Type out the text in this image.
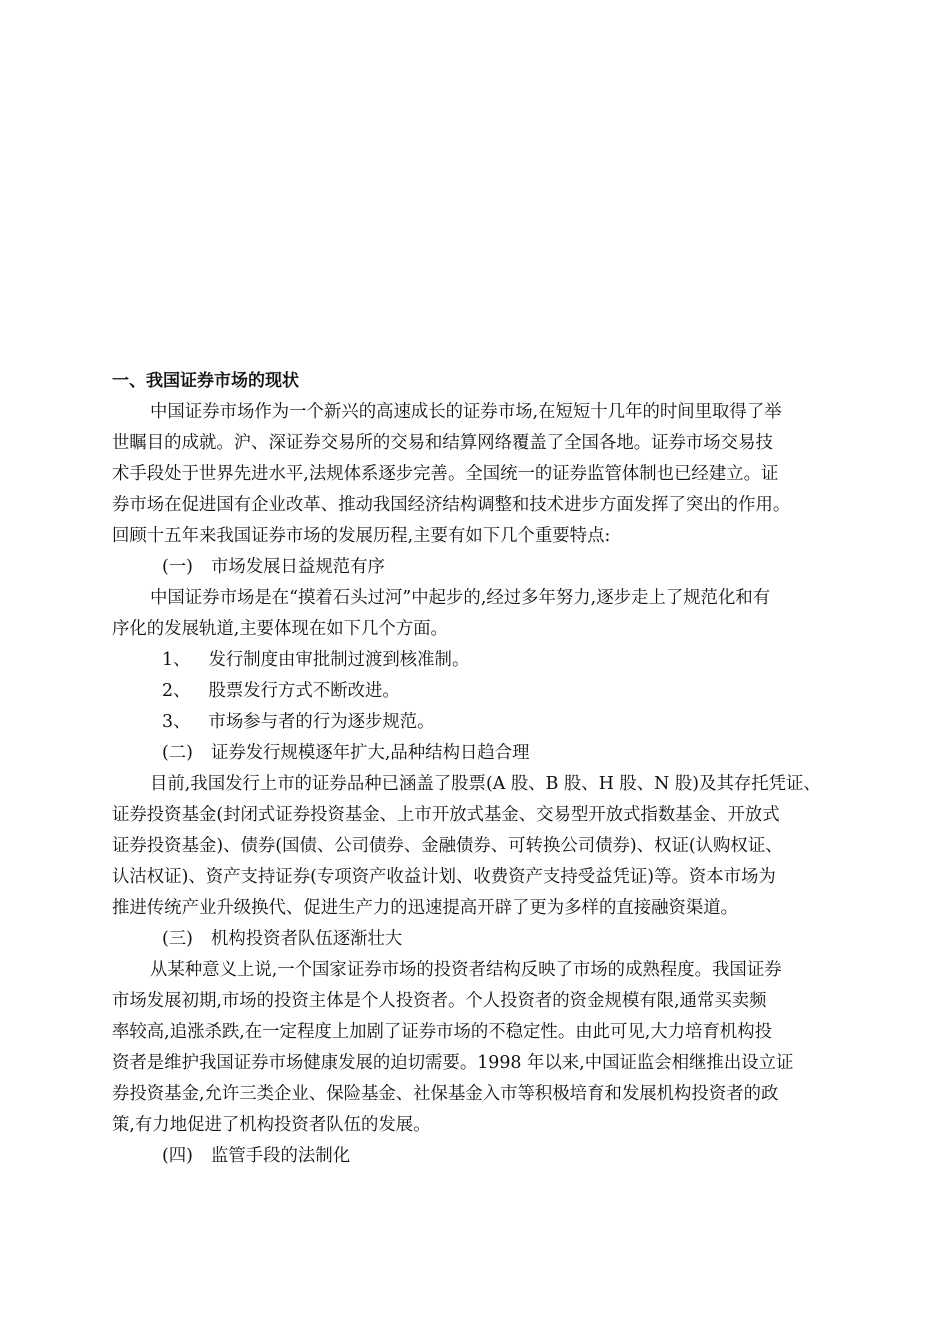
一、我国证券市场的现状
中国证券市场作为一个新兴的高速成长的证券市场,在短短十几年的时间里取得了举
世瞩目的成就。沪、深证券交易所的交易和结算网络覆盖了全国各地。证券市场交易技
术手段处于世界先进水平,法规体系逐步完善。全国统一的证券监管体制也已经建立。证
券市场在促进国有企业改革、推动我国经济结构调整和技术进步方面发挥了突出的作用。
回顾十五年来我国证券市场的发展历程,主要有如下几个重要特点:
(一) 市场发展日益规范有序
中国证券市场是在“摸着石头过河”中起步的,经过多年努力,逐步走上了规范化和有
序化的发展轨道,主要体现在如下几个方面。
1、 发行制度由审批制过渡到核准制。
2、 股票发行方式不断改进。
3、 市场参与者的行为逐步规范。
(二) 证券发行规模逐年扩大,品种结构日趋合理
目前,我国发行上市的证券品种已涵盖了股票(A 股、B 股、H 股、N 股)及其存托凭证、
证券投资基金(封闭式证券投资基金、上市开放式基金、交易型开放式指数基金、开放式
证券投资基金)、债券(国债、公司债券、金融债券、可转换公司债券)、权证(认购权证、
认沽权证)、资产支持证券(专项资产收益计划、收费资产支持受益凭证)等。资本市场为
推进传统产业升级换代、促进生产力的迅速提高开辟了更为多样的直接融资渠道。
(三) 机构投资者队伍逐渐壮大
从某种意义上说,一个国家证券市场的投资者结构反映了市场的成熟程度。我国证券
市场发展初期,市场的投资主体是个人投资者。个人投资者的资金规模有限,通常买卖频
率较高,追涨杀跌,在一定程度上加剧了证券市场的不稳定性。由此可见,大力培育机构投
资者是维护我国证券市场健康发展的迫切需要。1998 年以来,中国证监会相继推出设立证
券投资基金,允许三类企业、保险基金、社保基金入市等积极培育和发展机构投资者的政
策,有力地促进了机构投资者队伍的发展。
(四) 监管手段的法制化
